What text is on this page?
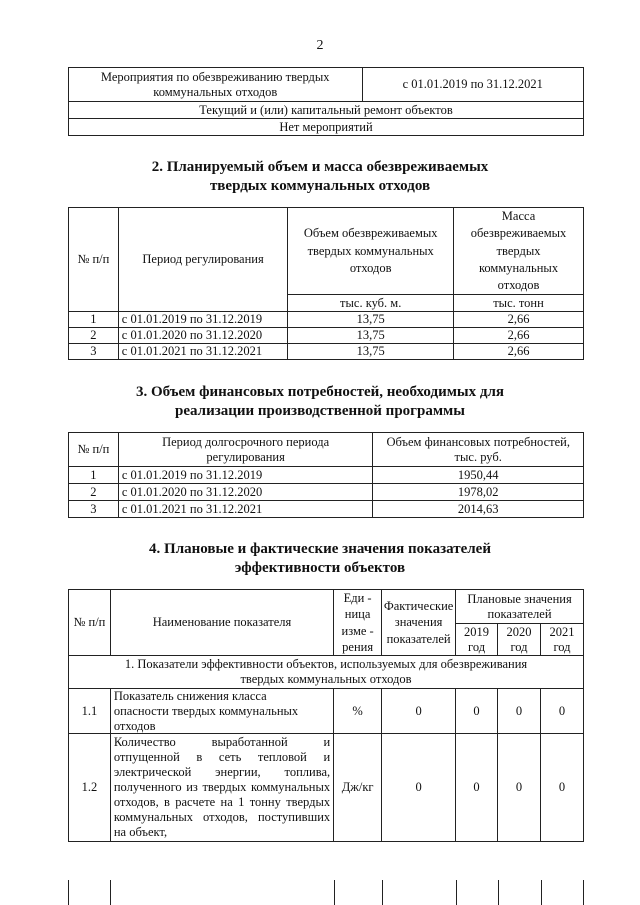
2
Мероприятия по обезвреживанию твердых коммунальных отходов	с 01.01.2019 по 31.12.2021
Текущий и (или) капитальный ремонт объектов
Нет мероприятий
2. Планируемый объем и масса обезвреживаемых
твердых коммунальных отходов
№ п/п	Период регулирования	Объем обезвреживаемых твердых коммунальных отходов	Масса обезвреживаемых твердых коммунальных отходов
		тыс. куб. м.	тыс. тонн
1	с 01.01.2019 по 31.12.2019	13,75	2,66
2	с 01.01.2020 по 31.12.2020	13,75	2,66
3	с 01.01.2021 по 31.12.2021	13,75	2,66
3. Объем финансовых потребностей, необходимых для
реализации производственной программы
№ п/п	Период долгосрочного периода регулирования	Объем финансовых потребностей, тыс. руб.
1	с 01.01.2019 по 31.12.2019	1950,44
2	с 01.01.2020 по 31.12.2020	1978,02
3	с 01.01.2021 по 31.12.2021	2014,63
4. Плановые и фактические значения показателей
эффективности объектов
№ п/п	Наименование показателя	Еди - ница изме - рения	Фактические значения показателей	Плановые значения показателей		
				2019 год	2020 год	2021 год
1. Показатели эффективности объектов, используемых для обезвреживания твердых коммунальных отходов						
1.1	Показатель снижения класса опасности твердых коммунальных отходов	%	0	0	0	0
1.2	Количество выработанной и отпущенной в сеть тепловой и электрической энергии, топлива, полученного из твердых коммунальных отходов, в расчете на 1 тонну твердых коммунальных отходов, поступивших на объект,	Дж/кг	0	0	0	0
